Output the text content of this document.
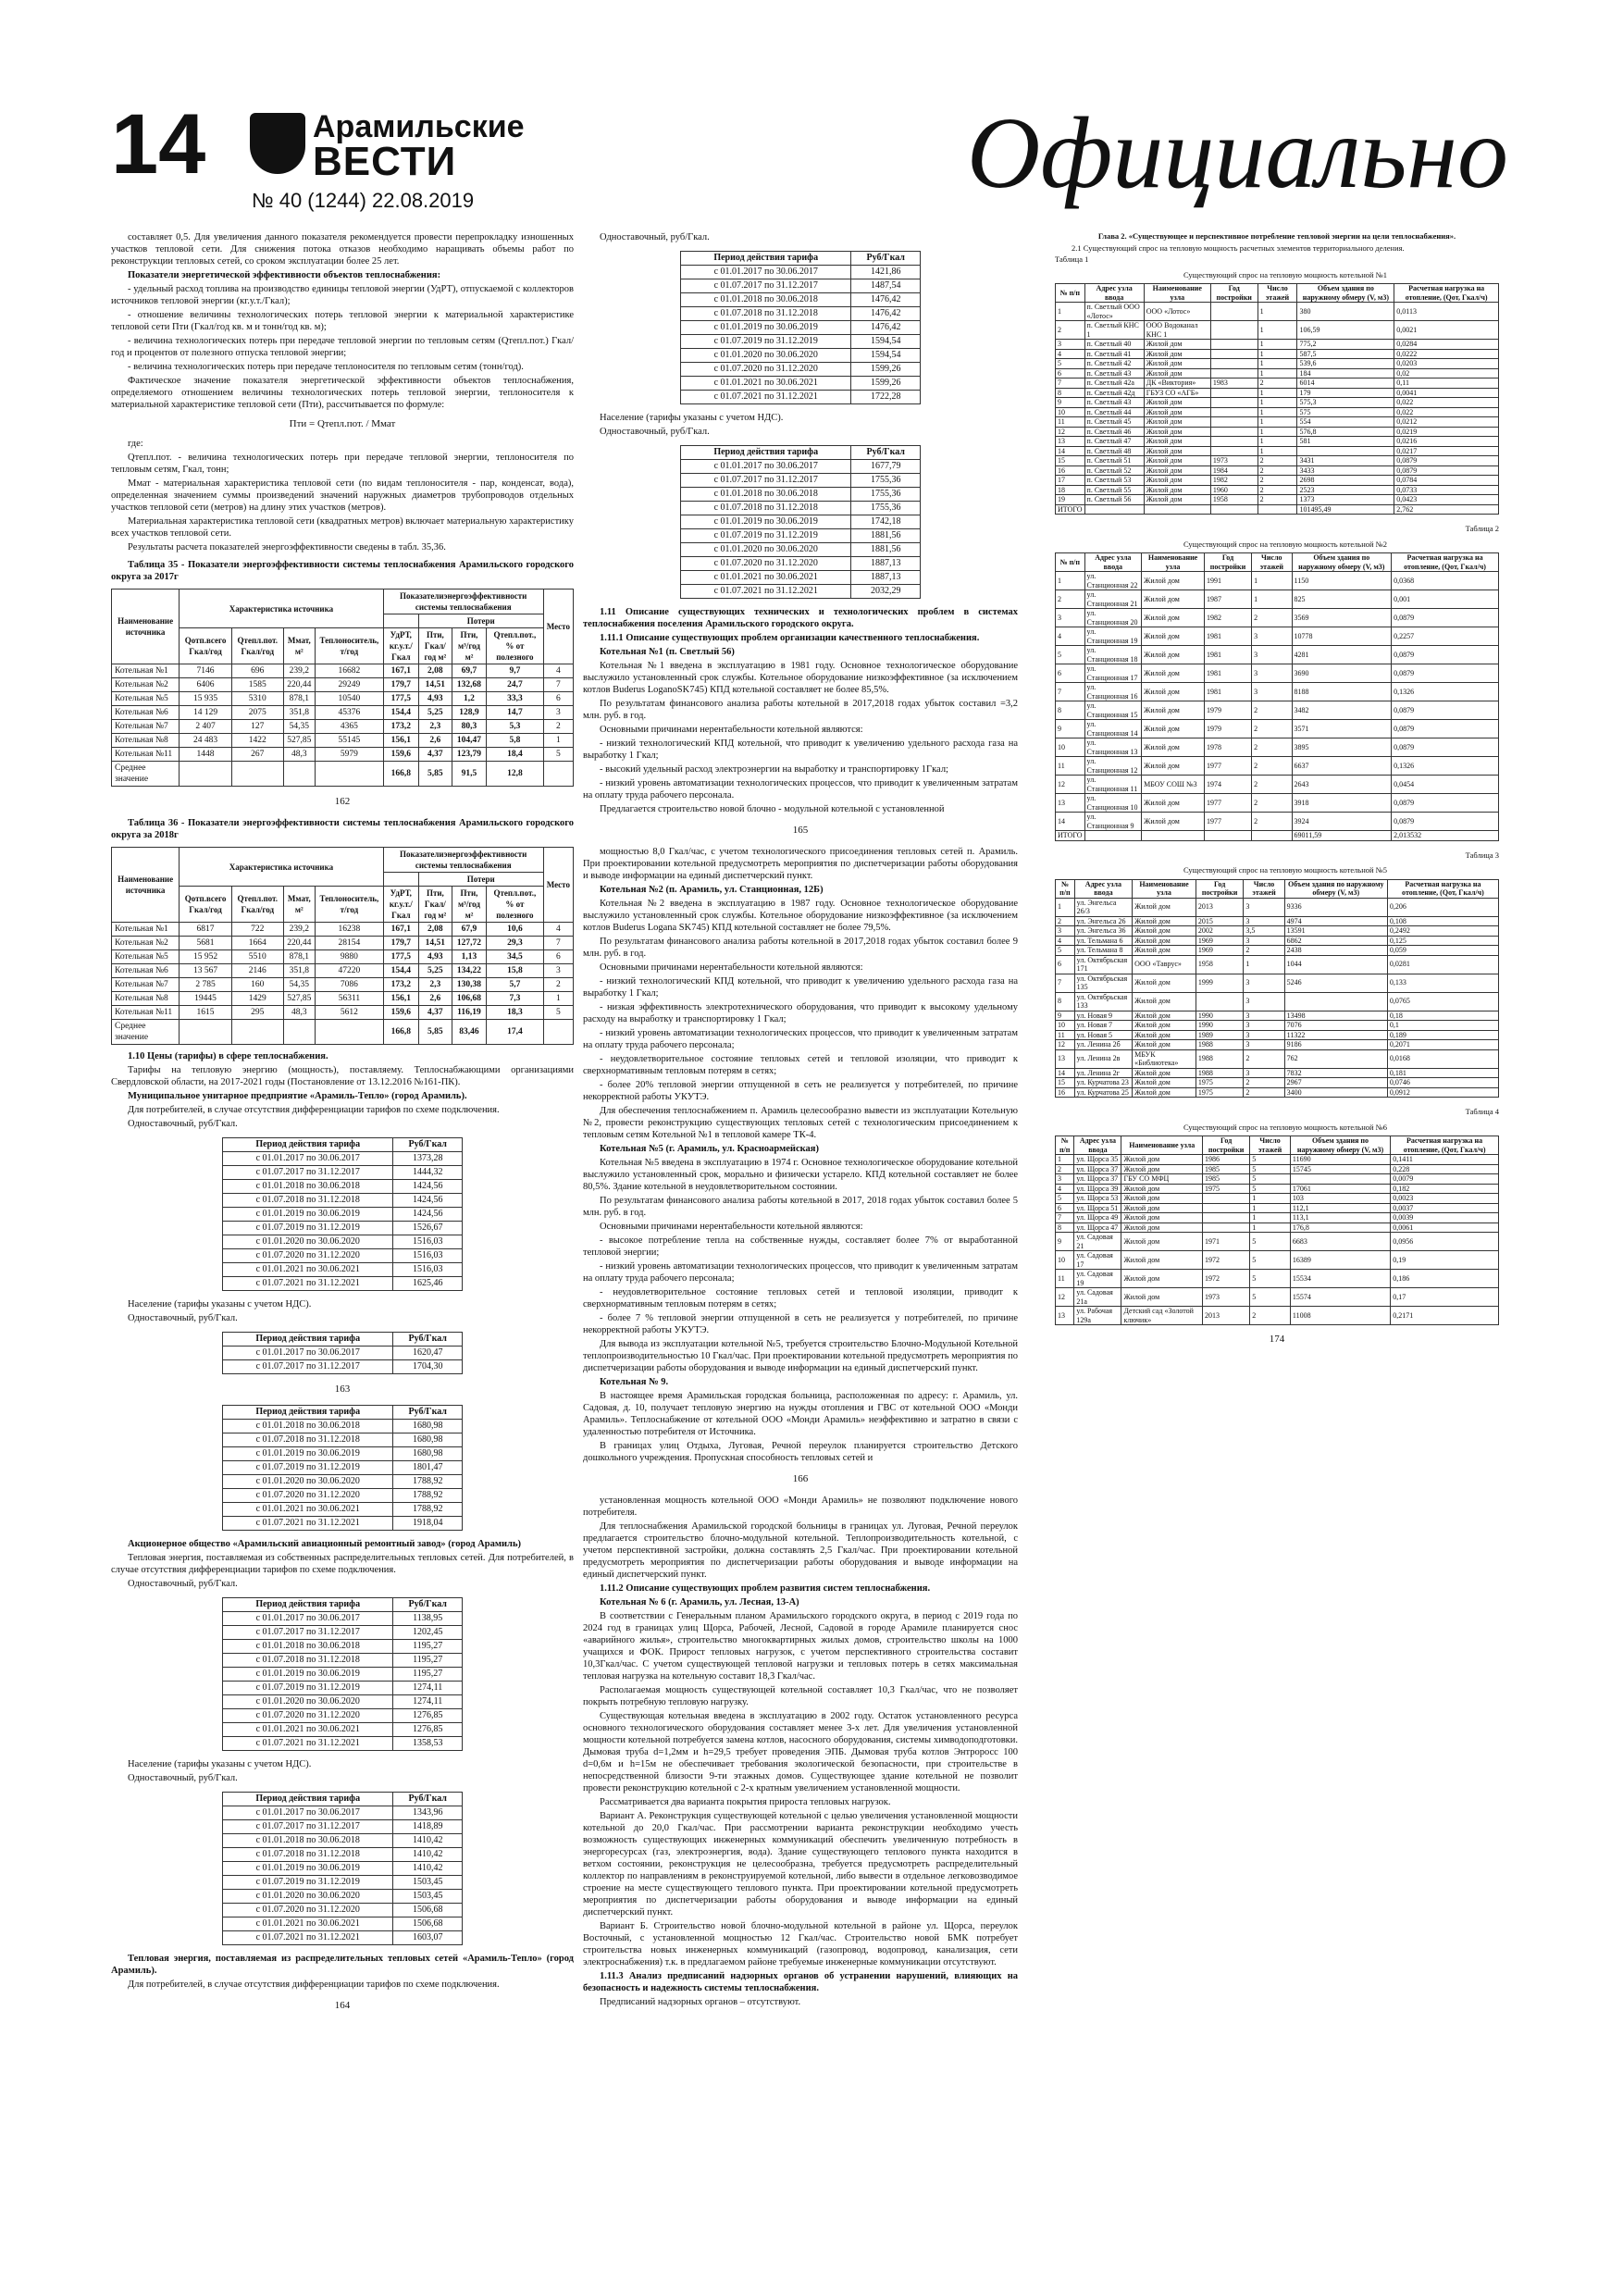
14	Арамильские
ВЕСТИ
№ 40 (1244) 22.08.2019	Официально

составляет 0,5. Для увеличения данного показателя рекомендуется провести перепрокладку изношенных участков тепловой сети. Для снижения потока отказов необходимо наращивать объемы работ по реконструкции тепловых сетей, со сроком эксплуатации более 25 лет.

Показатели энергетической эффективности объектов теплоснабжения:

- удельный расход топлива на производство единицы тепловой энергии (УдРТ), отпускаемой с коллекторов источников тепловой энергии (кг.у.т./Гкал);

- отношение величины технологических потерь тепловой энергии к материальной характеристике тепловой сети Пти (Гкал/год кв. м и тонн/год кв. м);

- величина технологических потерь при передаче тепловой энергии по тепловым сетям (Qтепл.пот.) Гкал/год и процентов от полезного отпуска тепловой энергии;

- величина технологических потерь при передаче теплоносителя по тепловым сетям (тонн/год).

Фактическое значение показателя энергетической эффективности объектов теплоснабжения, определяемого отношением величины технологических потерь тепловой энергии, теплоносителя к материальной характеристике тепловой сети (Пти), рассчитывается по формуле:

Пти = Qтепл.пот. / Mмат

где:

Qтепл.пот. - величина технологических потерь при передаче тепловой энергии, теплоносителя по тепловым сетям, Гкал, тонн;

Mмат - материальная характеристика тепловой сети (по видам теплоносителя - пар, конденсат, вода), определенная значением суммы произведений значений наружных диаметров трубопроводов отдельных участков тепловой сети (метров) на длину этих участков (метров).

Материальная характеристика тепловой сети (квадратных метров) включает материальную характеристику всех участков тепловой сети.

Результаты расчета показателей энергоэффективности сведены в табл. 35,36.

Таблица 35 - Показатели энергоэффективности системы теплоснабжения Арамильского городского округа за 2017г

Наименование источника	Характеристика источника				Показателиэнергоэффективности системы теплоснабжения				Место
						Потери			
	Qотп.всего Гкал/год	Qтепл.пот. Гкал/год	Mмат, м²	Теплоноситель, т/год	УдРТ, кг.у.т./Гкал	Пти, Гкал/год м²	Пти, м³/год м²	Qтепл.пот., % от полезного	
Котельная №1	7146	696	239,2	16682	167,1	2,08	69,7	9,7	4
Котельная №2	6406	1585	220,44	29249	179,7	14,51	132,68	24,7	7
Котельная №5	15 935	5310	878,1	10540	177,5	4,93	1,2	33,3	6
Котельная №6	14 129	2075	351,8	45376	154,4	5,25	128,9	14,7	3
Котельная №7	2 407	127	54,35	4365	173,2	2,3	80,3	5,3	2
Котельная №8	24 483	1422	527,85	55145	156,1	2,6	104,47	5,8	1
Котельная №11	1448	267	48,3	5979	159,6	4,37	123,79	18,4	5
Среднее значение					166,8	5,85	91,5	12,8	

162

Таблица 36 - Показатели энергоэффективности системы теплоснабжения Арамильского городского округа за 2018г

Наименование источника	Характеристика источника				Показателиэнергоэффективности системы теплоснабжения				Место
						Потери			
	Qотп.всего Гкал/год	Qтепл.пот. Гкал/год	Mмат, м²	Теплоноситель, т/год	УдРТ, кг.у.т./Гкал	Пти, Гкал/год м²	Пти, м³/год м²	Qтепл.пот., % от полезного	
Котельная №1	6817	722	239,2	16238	167,1	2,08	67,9	10,6	4
Котельная №2	5681	1664	220,44	28154	179,7	14,51	127,72	29,3	7
Котельная №5	15 952	5510	878,1	9880	177,5	4,93	1,13	34,5	6
Котельная №6	13 567	2146	351,8	47220	154,4	5,25	134,22	15,8	3
Котельная №7	2 785	160	54,35	7086	173,2	2,3	130,38	5,7	2
Котельная №8	19445	1429	527,85	56311	156,1	2,6	106,68	7,3	1
Котельная №11	1615	295	48,3	5612	159,6	4,37	116,19	18,3	5
Среднее значение					166,8	5,85	83,46	17,4	

1.10 Цены (тарифы) в сфере теплоснабжения.

Тарифы на тепловую энергию (мощность), поставляему. Теплоснабжающими организациями Свердловской области, на 2017-2021 годы (Постановление от 13.12.2016 №161-ПК).

Муниципальное унитарное предприятие «Арамиль-Тепло» (город Арамиль).

Для потребителей, в случае отсутствия дифференциации тарифов по схеме подключения.

Одноставочный, руб/Гкал.

Период действия тарифа	Руб/Гкал
с 01.01.2017 по 30.06.2017	1373,28
с 01.07.2017 по 31.12.2017	1444,32
с 01.01.2018 по 30.06.2018	1424,56
с 01.07.2018 по 31.12.2018	1424,56
с 01.01.2019 по 30.06.2019	1424,56
с 01.07.2019 по 31.12.2019	1526,67
с 01.01.2020 по 30.06.2020	1516,03
с 01.07.2020 по 31.12.2020	1516,03
с 01.01.2021 по 30.06.2021	1516,03
с 01.07.2021 по 31.12.2021	1625,46

Население (тарифы указаны с учетом НДС).

Одноставочный, руб/Гкал.

Период действия тарифа	Руб/Гкал
с 01.01.2017 по 30.06.2017	1620,47
с 01.07.2017 по 31.12.2017	1704,30

163

Период действия тарифа	Руб/Гкал
с 01.01.2018 по 30.06.2018	1680,98
с 01.07.2018 по 31.12.2018	1680,98
с 01.01.2019 по 30.06.2019	1680,98
с 01.07.2019 по 31.12.2019	1801,47
с 01.01.2020 по 30.06.2020	1788,92
с 01.07.2020 по 31.12.2020	1788,92
с 01.01.2021 по 30.06.2021	1788,92
с 01.07.2021 по 31.12.2021	1918,04

Акционерное общество «Арамильский авиационный ремонтный завод» (город Арамиль)

Тепловая энергия, поставляемая из собственных распределительных тепловых сетей. Для потребителей, в случае отсутствия дифференциации тарифов по схеме подключения.

Одноставочный, руб/Гкал.

Период действия тарифа	Руб/Гкал
с 01.01.2017 по 30.06.2017	1138,95
с 01.07.2017 по 31.12.2017	1202,45
с 01.01.2018 по 30.06.2018	1195,27
с 01.07.2018 по 31.12.2018	1195,27
с 01.01.2019 по 30.06.2019	1195,27
с 01.07.2019 по 31.12.2019	1274,11
с 01.01.2020 по 30.06.2020	1274,11
с 01.07.2020 по 31.12.2020	1276,85
с 01.01.2021 по 30.06.2021	1276,85
с 01.07.2021 по 31.12.2021	1358,53

Население (тарифы указаны с учетом НДС).

Одноставочный, руб/Гкал.

Период действия тарифа	Руб/Гкал
с 01.01.2017 по 30.06.2017	1343,96
с 01.07.2017 по 31.12.2017	1418,89
с 01.01.2018 по 30.06.2018	1410,42
с 01.07.2018 по 31.12.2018	1410,42
с 01.01.2019 по 30.06.2019	1410,42
с 01.07.2019 по 31.12.2019	1503,45
с 01.01.2020 по 30.06.2020	1503,45
с 01.07.2020 по 31.12.2020	1506,68
с 01.01.2021 по 30.06.2021	1506,68
с 01.07.2021 по 31.12.2021	1603,07

Тепловая энергия, поставляемая из распределительных тепловых сетей «Арамиль-Тепло» (город Арамиль).

Для потребителей, в случае отсутствия дифференциации тарифов по схеме подключения.

164

Одноставочный, руб/Гкал.

Период действия тарифа	Руб/Гкал
с 01.01.2017 по 30.06.2017	1421,86
с 01.07.2017 по 31.12.2017	1487,54
с 01.01.2018 по 30.06.2018	1476,42
с 01.07.2018 по 31.12.2018	1476,42
с 01.01.2019 по 30.06.2019	1476,42
с 01.07.2019 по 31.12.2019	1594,54
с 01.01.2020 по 30.06.2020	1594,54
с 01.07.2020 по 31.12.2020	1599,26
с 01.01.2021 по 30.06.2021	1599,26
с 01.07.2021 по 31.12.2021	1722,28

Население (тарифы указаны с учетом НДС).

Одноставочный, руб/Гкал.

Период действия тарифа	Руб/Гкал
с 01.01.2017 по 30.06.2017	1677,79
с 01.07.2017 по 31.12.2017	1755,36
с 01.01.2018 по 30.06.2018	1755,36
с 01.07.2018 по 31.12.2018	1755,36
с 01.01.2019 по 30.06.2019	1742,18
с 01.07.2019 по 31.12.2019	1881,56
с 01.01.2020 по 30.06.2020	1881,56
с 01.07.2020 по 31.12.2020	1887,13
с 01.01.2021 по 30.06.2021	1887,13
с 01.07.2021 по 31.12.2021	2032,29

1.11 Описание существующих технических и технологических проблем в системах теплоснабжения поселения Арамильского городского округа.

1.11.1 Описание существующих проблем организации качественного теплоснабжения.

Котельная №1 (п. Светлый 56)

Котельная №1 введена в эксплуатацию в 1981 году. Основное технологическое оборудование выслужило установленный срок службы. Котельное оборудование низкоэффективное (за исключением котлов Buderus LoganoSK745) КПД котельной составляет не более 85,5%.

По результатам финансового анализа работы котельной в 2017,2018 годах убыток составил =3,2 млн. руб. в год.

Основными причинами нерентабельности котельной являются:

- низкий технологический КПД котельной, что приводит к увеличению удельного расхода газа на выработку 1 Гкал;

- высокий удельный расход электроэнергии на выработку и транспортировку 1Гкал;

- низкий уровень автоматизации технологических процессов, что приводит к увеличенным затратам на оплату труда рабочего персонала.

Предлагается строительство новой блочно - модульной котельной с установленной

165

мощностью 8,0 Гкал/час, с учетом технологического присоединения тепловых сетей п. Арамиль. При проектировании котельной предусмотреть мероприятия по диспетчеризации работы оборудования и выводе информации на единый диспетчерский пункт.

Котельная №2 (п. Арамиль, ул. Станционная, 12Б)

Котельная №2 введена в эксплуатацию в 1987 году. Основное технологическое оборудование выслужило установленный срок службы. Котельное оборудование низкоэффективное (за исключением котлов Buderus Logana SK745) КПД котельной составляет не более 79,5%.

По результатам финансового анализа работы котельной в 2017,2018 годах убыток составил более 9 млн. руб. в год.

Основными причинами нерентабельности котельной являются:

- низкий технологический КПД котельной, что приводит к увеличению удельного расхода газа на выработку 1 Гкал;

- низкая эффективность электротехнического оборудования, что приводит к высокому удельному расходу на выработку и транспортировку 1 Гкал;

- низкий уровень автоматизации технологических процессов, что приводит к увеличенным затратам на оплату труда рабочего персонала;

- неудовлетворительное состояние тепловых сетей и тепловой изоляции, что приводит к сверхнормативным тепловым потерям в сетях;

- более 20% тепловой энергии отпущенной в сеть не реализуется у потребителей, по причине некорректной работы УКУТЭ.

Для обеспечения теплоснабжением п. Арамиль целесообразно вывести из эксплуатации Котельную №2, провести реконструкцию существующих тепловых сетей с технологическим присоединением к тепловым сетям Котельной №1 в тепловой камере ТК-4.

Котельная №5 (г. Арамиль, ул. Красноармейская)

Котельная №5 введена в эксплуатацию в 1974 г. Основное технологическое оборудование котельной выслужило установленный срок, морально и физически устарело. КПД котельной составляет не более 80,5%. Здание котельной в неудовлетворительном состоянии.

По результатам финансового анализа работы котельной в 2017, 2018 годах убыток составил более 5 млн. руб. в год.

Основными причинами нерентабельности котельной являются:

- высокое потребление тепла на собственные нужды, составляет более 7% от выработанной тепловой энергии;

- низкий уровень автоматизации технологических процессов, что приводит к увеличенным затратам на оплату труда рабочего персонала;

- неудовлетворительное состояние тепловых сетей и тепловой изоляции, приводит к сверхнормативным тепловым потерям в сетях;

- более 7 % тепловой энергии отпущенной в сеть не реализуется у потребителей, по причине некорректной работы УКУТЭ.

Для вывода из эксплуатации котельной №5, требуется строительство Блочно-Модульной Котельной теплопроизводительностью 10 Гкал/час. При проектировании котельной предусмотреть мероприятия по диспетчеризации работы оборудования и выводе информации на единый диспетчерский пункт.

Котельная № 9.

В настоящее время Арамильская городская больница, расположенная по адресу: г. Арамиль, ул. Садовая, д. 10, получает тепловую энергию на нужды отопления и ГВС от котельной ООО «Монди Арамиль». Теплоснабжение от котельной ООО «Монди Арамиль» неэффективно и затратно в связи с удаленностью потребителя от Источника.

В границах улиц Отдыха, Луговая, Речной переулок планируется строительство Детского дошкольного учреждения. Пропускная способность тепловых сетей и

166

установленная мощность котельной ООО «Монди Арамиль» не позволяют подключение нового потребителя.

Для теплоснабжения Арамильской городской больницы в границах ул. Луговая, Речной переулок предлагается строительство блочно-модульной котельной. Теплопроизводительность котельной, с учетом перспективной застройки, должна составлять 2,5 Гкал/час. При проектировании котельной предусмотреть мероприятия по диспетчеризации работы оборудования и выводе информации на единый диспетчерский пункт.

1.11.2 Описание существующих проблем развития систем теплоснабжения.

Котельная № 6 (г. Арамиль, ул. Лесная, 13-А)

В соответствии с Генеральным планом Арамильского городского округа, в период с 2019 года по 2024 год в границах улиц Щорса, Рабочей, Лесной, Садовой в городе Арамиле планируется снос «аварийного жилья», строительство многоквартирных жилых домов, строительство школы на 1000 учащихся и ФОК. Прирост тепловых нагрузок, с учетом перспективного строительства составит 10,3Гкал/час. С учетом существующей тепловой нагрузки и тепловых потерь в сетях максимальная тепловая нагрузка на котельную составит 18,3 Гкал/час.

Располагаемая мощность существующей котельной составляет 10,3 Гкал/час, что не позволяет покрыть потребную тепловую нагрузку.

Существующая котельная введена в эксплуатацию в 2002 году. Остаток установленного ресурса основного технологического оборудования составляет менее 3-х лет. Для увеличения установленной мощности котельной потребуется замена котлов, насосного оборудования, системы химводоподготовки. Дымовая труба d=1,2мм и h=29,5 требует проведения ЭПБ. Дымовая труба котлов Энтроросс 100 d=0,6м и h=15м не обеспечивает требования экологической безопасности, при строительстве в непосредственной близости 9-ти этажных домов. Существующее здание котельной не позволит провести реконструкцию котельной с 2-х кратным увеличением установленной мощности.

Рассматривается два варианта покрытия прироста тепловых нагрузок.

Вариант А. Реконструкция существующей котельной с целью увеличения установленной мощности котельной до 20,0 Гкал/час. При рассмотрении варианта реконструкции необходимо учесть возможность существующих инженерных коммуникаций обеспечить увеличенную потребность в энергоресурсах (газ, электроэнергия, вода). Здание существующего теплового пункта находится в ветхом состоянии, реконструкция не целесообразна, требуется предусмотреть распределительный коллектор по направлениям в реконструируемой котельной, либо вывести в отдельное легковозводимое строение на месте существующего теплового пункта. При проектировании котельной предусмотреть мероприятия по диспетчеризации работы оборудования и выводе информации на единый диспетчерский пункт.

Вариант Б. Строительство новой блочно-модульной котельной в районе ул. Щорса, переулок Восточный, с установленной мощностью 12 Гкал/час. Строительство новой БМК потребует строительства новых инженерных коммуникаций (газопровод, водопровод, канализация, сети электроснабжения) т.к. в предлагаемом районе требуемые инженерные коммуникации отсутствуют.

1.11.3 Анализ предписаний надзорных органов об устранении нарушений, влияющих на безопасность и надежность системы теплоснабжения.

Предписаний надзорных органов – отсутствуют.

Глава 2. «Существующее и перспективное потребление тепловой энергии на цели теплоснабжения».

2.1 Существующий спрос на тепловую мощность расчетных элементов территориального деления.

Таблица 1

Существующий спрос на тепловую мощность котельной №1

№ п/п	Адрес узла ввода	Наименование узла	Год постройки	Число этажей	Объем здания по наружному обмеру (V, м3)	Расчетная нагрузка на отопление, (Qот, Гкал/ч)
1	п. Светлый ООО «Лотос»	ООО «Лотос»		1	380	0,0113
2	п. Светлый КНС 1	ООО Водоканал КНС 1		1	106,59	0,0021
3	п. Светлый 40	Жилой дом		1	775,2	0,0284
4	п. Светлый 41	Жилой дом		1	587,5	0,0222
5	п. Светлый 42	Жилой дом		1	539,6	0,0203
6	п. Светлый 43	Жилой дом		1	184	0,02
7	п. Светлый 42а	ДК «Виктория»	1983	2	6014	0,11
8	п. Светлый 42д	ГБУЗ СО «АГБ»		1	179	0,0041
9	п. Светлый 43	Жилой дом		1	575,3	0,022
10	п. Светлый 44	Жилой дом		1	575	0,022
11	п. Светлый 45	Жилой дом		1	554	0,0212
12	п. Светлый 46	Жилой дом		1	576,8	0,0219
13	п. Светлый 47	Жилой дом		1	581	0,0216
14	п. Светлый 48	Жилой дом		1		0,0217
15	п. Светлый 51	Жилой дом	1973	2	3431	0,0879
16	п. Светлый 52	Жилой дом	1984	2	3433	0,0879
17	п. Светлый 53	Жилой дом	1982	2	2698	0,0784
18	п. Светлый 55	Жилой дом	1960	2	2523	0,0733
19	п. Светлый 56	Жилой дом	1958	2	1373	0,0423
ИТОГО					101495,49	2,762

Таблица 2

Существующий спрос на тепловую мощность котельной №2

№ п/п	Адрес узла ввода	Наименование узла	Год постройки	Число этажей	Объем здания по наружному обмеру (V, м3)	Расчетная нагрузка на отопление, (Qот, Гкал/ч)
1	ул. Станционная 22	Жилой дом	1991	1	1150	0,0368
2	ул. Станционная 21	Жилой дом	1987	1	825	0,001
3	ул. Станционная 20	Жилой дом	1982	2	3569	0,0879
4	ул. Станционная 19	Жилой дом	1981	3	10778	0,2257
5	ул. Станционная 18	Жилой дом	1981	3	4281	0,0879
6	ул. Станционная 17	Жилой дом	1981	3	3690	0,0879
7	ул. Станционная 16	Жилой дом	1981	3	8188	0,1326
8	ул. Станционная 15	Жилой дом	1979	2	3482	0,0879
9	ул. Станционная 14	Жилой дом	1979	2	3571	0,0879
10	ул. Станционная 13	Жилой дом	1978	2	3895	0,0879
11	ул. Станционная 12	Жилой дом	1977	2	6637	0,1326
12	ул. Станционная 11	МБОУ СОШ №3	1974	2	2643	0,0454
13	ул. Станционная 10	Жилой дом	1977	2	3918	0,0879
14	ул. Станционная 9	Жилой дом	1977	2	3924	0,0879
ИТОГО					69011,59	2,013532

Таблица 3

Существующий спрос на тепловую мощность котельной №5

№ п/п	Адрес узла ввода	Наименование узла	Год постройки	Число этажей	Объем здания по наружному обмеру (V, м3)	Расчетная нагрузка на отопление, (Qот, Гкал/ч)
1	ул. Энгельса 26/3	Жилой дом	2013	3	9336	0,206
2	ул. Энгельса 26	Жилой дом	2015	3	4974	0,108
3	ул. Энгельса 36	Жилой дом	2002	3,5	13591	0,2492
4	ул. Тельмана 6	Жилой дом	1969	3	6862	0,125
5	ул. Тельмана 8	Жилой дом	1969	2	2438	0,059
6	ул. Октябрьская 171	ООО «Таврус»	1958	1	1044	0,0281
7	ул. Октябрьская 135	Жилой дом	1999	3	5246	0,133
8	ул. Октябрьская 133	Жилой дом		3		0,0765
9	ул. Новая 9	Жилой дом	1990	3	13498	0,18
10	ул. Новая 7	Жилой дом	1990	3	7076	0,1
11	ул. Новая 5	Жилой дом	1989	3	11322	0,189
12	ул. Ленина 2б	Жилой дом	1988	3	9186	0,2071
13	ул. Ленина 2в	МБУК «Библиотека»	1988	2	762	0,0168
14	ул. Ленина 2г	Жилой дом	1988	3	7832	0,181
15	ул. Курчатова 23	Жилой дом	1975	2	2967	0,0746
16	ул. Курчатова 25	Жилой дом	1975	2	3400	0,0912

Таблица 4

Существующий спрос на тепловую мощность котельной №6

№ п/п	Адрес узла ввода	Наименование узла	Год постройки	Число этажей	Объем здания по наружному обмеру (V, м3)	Расчетная нагрузка на отопление, (Qот, Гкал/ч)
1	ул. Щорса 35	Жилой дом	1986	5	11690	0,1411
2	ул. Щорса 37	Жилой дом	1985	5	15745	0,228
3	ул. Щорса 37	ГБУ СО МФЦ	1985	5		0,0079
4	ул. Щорса 39	Жилой дом	1975	5	17061	0,182
5	ул. Щорса 53	Жилой дом		1	103	0,0023
6	ул. Щорса 51	Жилой дом		1	112,1	0,0037
7	ул. Щорса 49	Жилой дом		1	113,1	0,0039
8	ул. Щорса 47	Жилой дом		1	176,8	0,0061
9	ул. Садовая 21	Жилой дом	1971	5	6683	0,0956
10	ул. Садовая 17	Жилой дом	1972	5	16389	0,19
11	ул. Садовая 19	Жилой дом	1972	5	15534	0,186
12	ул. Садовая 21а	Жилой дом	1973	5	15574	0,17
13	ул. Рабочая 129а	Детский сад «Золотой ключик»	2013	2	11008	0,2171

174
